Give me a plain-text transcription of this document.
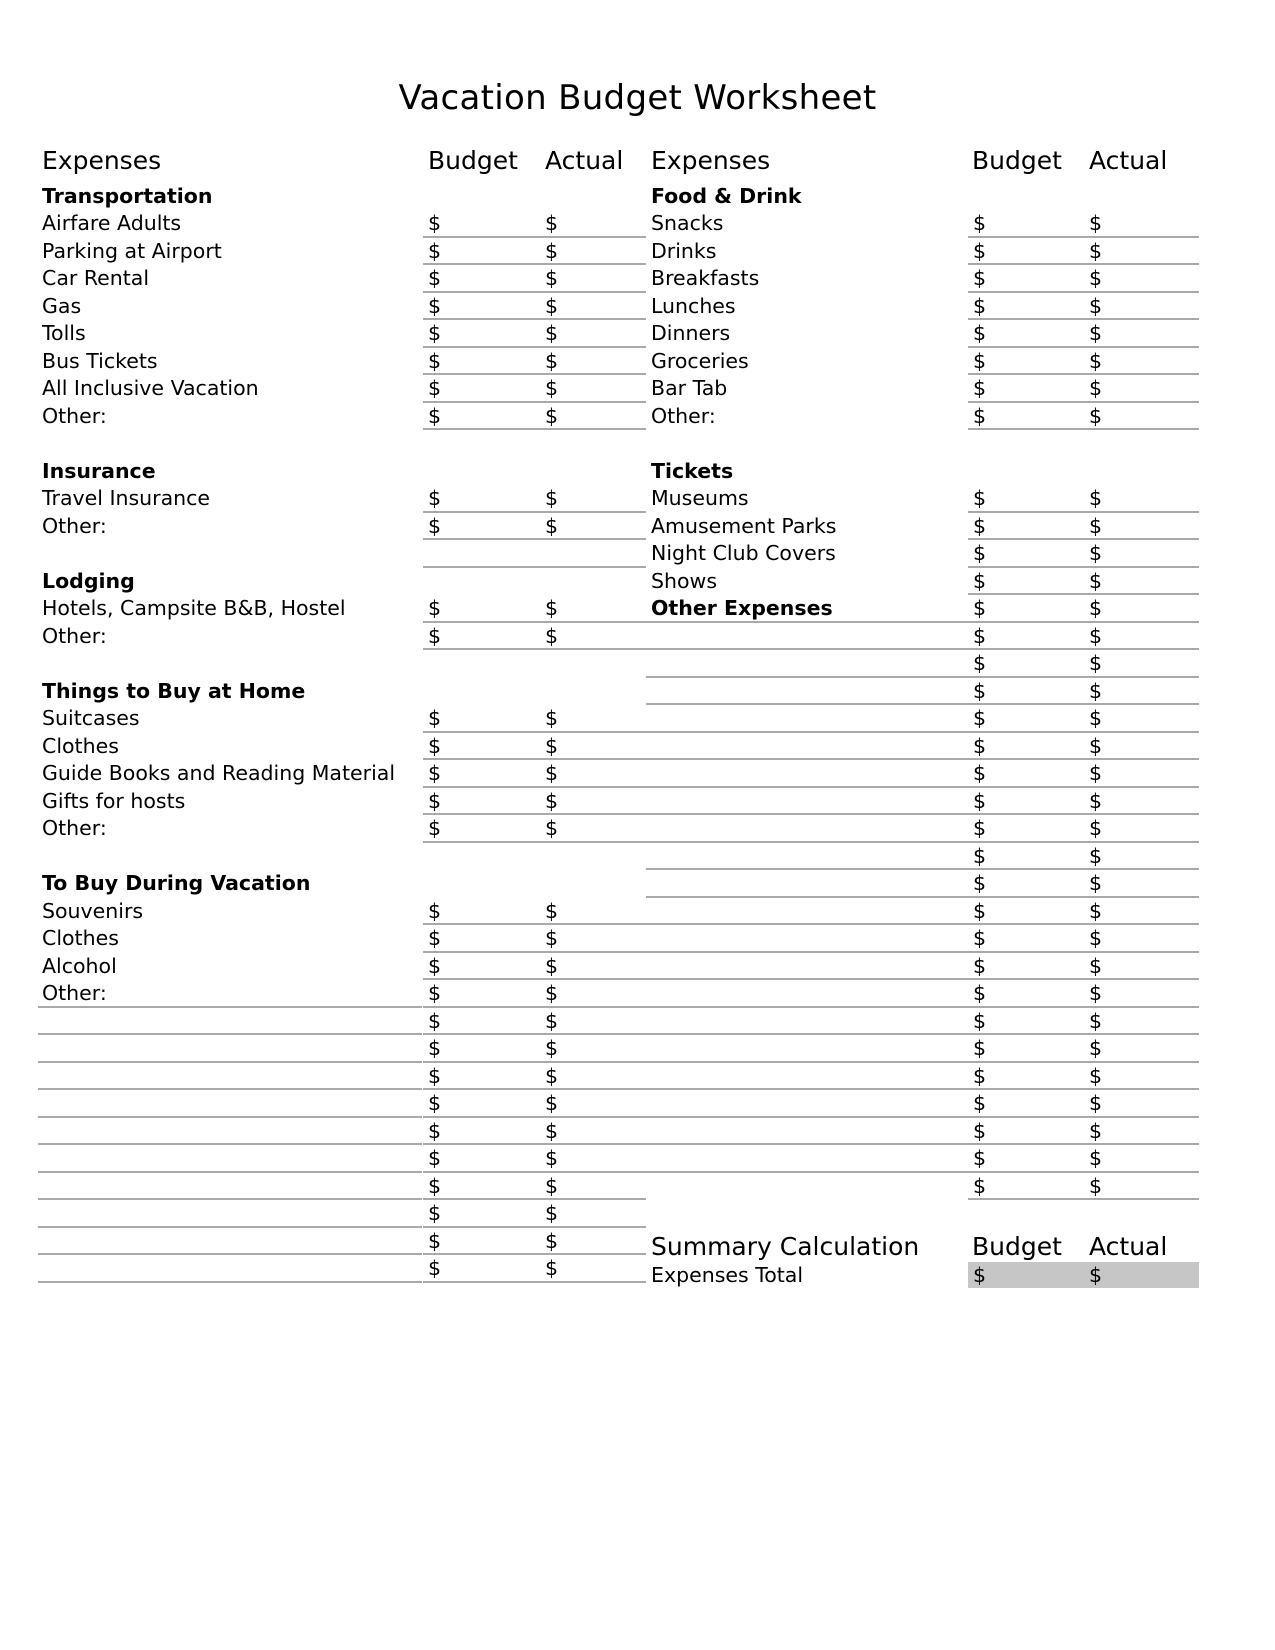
Vacation Budget Worksheet
Expenses	Budget Actual Expenses	Budget Actual
Transportation
Airfare Adults	$	$
Parking at Airport	$	$
Car Rental	$	$
Gas	$	$
Tolls	$	$
Bus Tickets	$	$
All Inclusive Vacation	$	$
Other:	$	$
Insurance
Travel Insurance	$	$
Other:	$	$
Lodging
Hotels, Campsite B&B, Hostel	$	$
Other:	$	$
Things to Buy at Home
Suitcases	$	$
Clothes	$	$
Guide Books and Reading Material $	$
Gifts for hosts	$	$
Other:	$	$
To Buy During Vacation
Souvenirs	$	$
Clothes	$	$
Alcohol	$	$
Other:	$	$
$	$
$	$
$	$
$	$
$	$
$	$
$	$
$	$
$	$
$	$
Food & Drink
Snacks	$	$
Drinks	$	$
Breakfasts	$	$
Lunches	$	$
Dinners	$	$
Groceries	$	$
Bar Tab	$	$
Other:	$	$
Tickets
Museums	$	$
Amusement Parks	$	$
Night Club Covers	$	$
Shows	$	$
Other Expenses	$	$
$	$
$	$
$	$
$	$
$	$
$	$
$	$
$	$
$	$
$	$
$	$
$	$
$	$
$	$
$	$
$	$
$	$
$	$
$	$
$	$
$	$
Summary Calculation Budget Actual
Expenses Total	$	$
